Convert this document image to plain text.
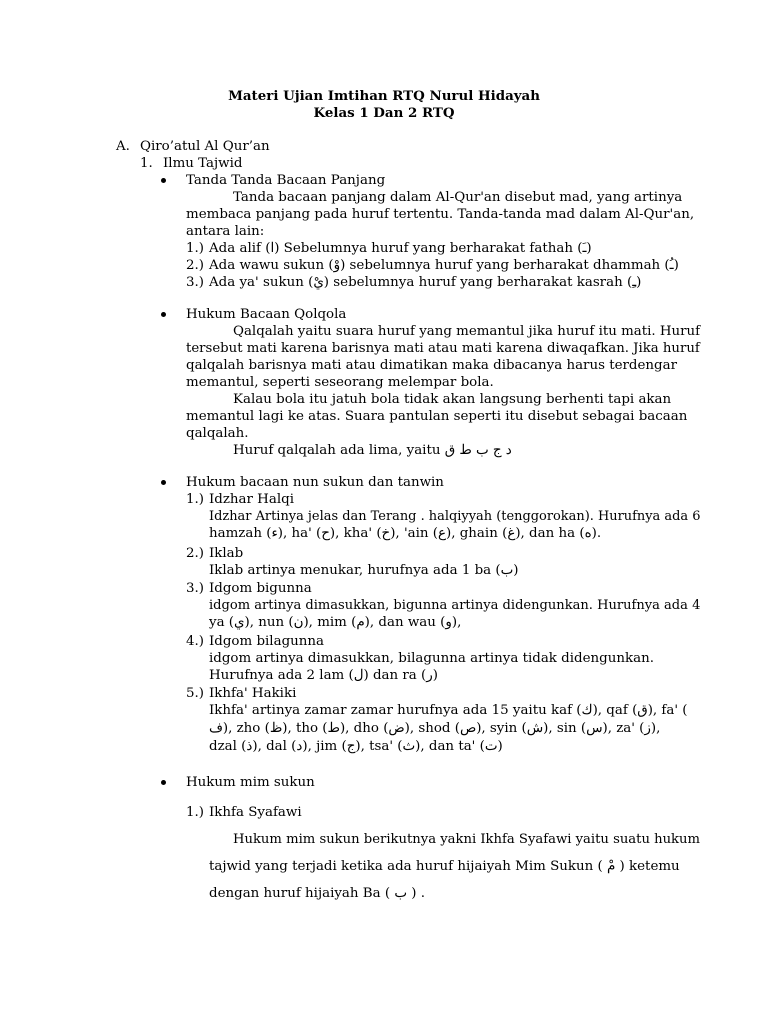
Materi Ujian Imtihan RTQ Nurul Hidayah
Kelas 1 Dan 2 RTQ
A. Qiro’atul Al Qur’an
1. Ilmu Tajwid
Tanda Tanda Bacaan Panjang
Tanda bacaan panjang dalam Al-Qur'an disebut mad, yang artinya
membaca panjang pada huruf tertentu. Tanda-tanda mad dalam Al-Qur'an,
antara lain:
1.) Ada alif (ا) Sebelumnya huruf yang berharakat fathah (ـَ)
2.) Ada wawu sukun (وْ) sebelumnya huruf yang berharakat dhammah (ـُ)
3.) Ada ya' sukun (يْ) sebelumnya huruf yang berharakat kasrah (ـِ)
Hukum Bacaan Qolqola
Qalqalah yaitu suara huruf yang memantul jika huruf itu mati. Huruf
tersebut mati karena barisnya mati atau mati karena diwaqafkan. Jika huruf
qalqalah barisnya mati atau dimatikan maka dibacanya harus terdengar
memantul, seperti seseorang melempar bola.
Kalau bola itu jatuh bola tidak akan langsung berhenti tapi akan
memantul lagi ke atas. Suara pantulan seperti itu disebut sebagai bacaan
qalqalah.
Huruf qalqalah ada lima, yaitu د ج ب ط ق
Hukum bacaan nun sukun dan tanwin
1.) Idzhar Halqi
Idzhar Artinya jelas dan Terang . halqiyyah (tenggorokan). Hurufnya ada 6
hamzah (ء), ha' (ح), kha' (خ), 'ain (ع), ghain (غ), dan ha (ه).
2.) Iklab
Iklab artinya menukar, hurufnya ada 1 ba (ب)
3.) Idgom bigunna
idgom artinya dimasukkan, bigunna artinya didengunkan. Hurufnya ada 4
ya (ي), nun (ن), mim (م), dan wau (و),
4.) Idgom bilagunna
idgom artinya dimasukkan, bilagunna artinya tidak didengunkan.
Hurufnya ada 2 lam (ل) dan ra (ر)
5.) Ikhfa' Hakiki
Ikhfa' artinya zamar zamar hurufnya ada 15 yaitu kaf (ك), qaf (ق), fa' (
ف), zho (ظ), tho (ط), dho (ض), shod (ص), syin (ش), sin (س), za' (ز),
dzal (ذ), dal (د), jim (ج), tsa' (ث), dan ta' (ت)
Hukum mim sukun
1.) Ikhfa Syafawi
Hukum mim sukun berikutnya yakni Ikhfa Syafawi yaitu suatu hukum
tajwid yang terjadi ketika ada huruf hijaiyah Mim Sukun ( مْ ) ketemu
dengan huruf hijaiyah Ba ( ب ) .
